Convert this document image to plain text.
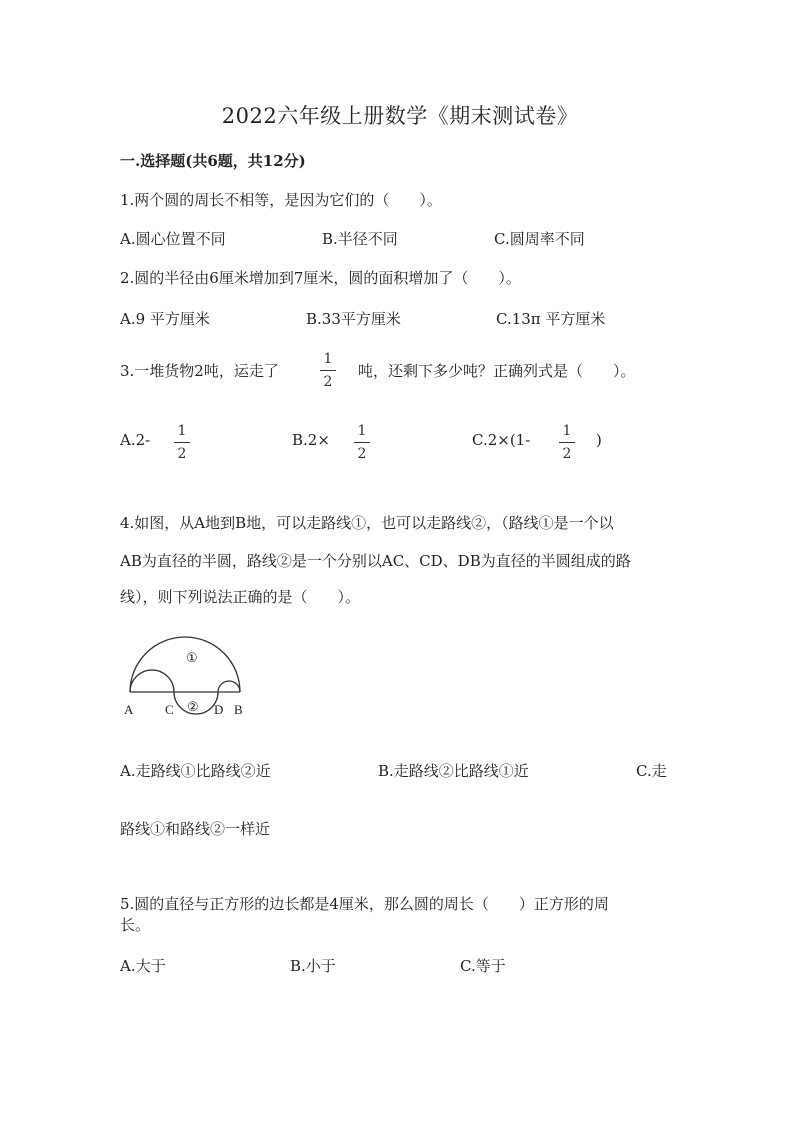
2022六年级上册数学《期末测试卷》
一.选择题(共6题，共12分)
1.两个圆的周长不相等，是因为它们的（　　）。
A.圆心位置不同	B.半径不同	C.圆周率不同
2.圆的半径由6厘米增加到7厘米，圆的面积增加了（　　）。
A.9 平方厘米	B.33平方厘米	C.13π 平方厘米
3.一堆货物2吨，运走了
1
2
吨，还剩下多少吨？正确列式是（　　）。
A.2-	1
2
B.2×	1
2
C.2×(1-	1
2
)
4.如图，从A地到B地，可以走路线①，也可以走路线②，（路线①是一个以
AB为直径的半圆，路线②是一个分别以AC、CD、DB为直径的半圆组成的路
线），则下列说法正确的是（　　）。
①
②
A C	D B
A.走路线①比路线②近	B.走路线②比路线①近	C.走
路线①和路线②一样近
5.圆的直径与正方形的边长都是4厘米，那么圆的周长（　　）正方形的周
长。
A.大于	B.小于	C.等于
